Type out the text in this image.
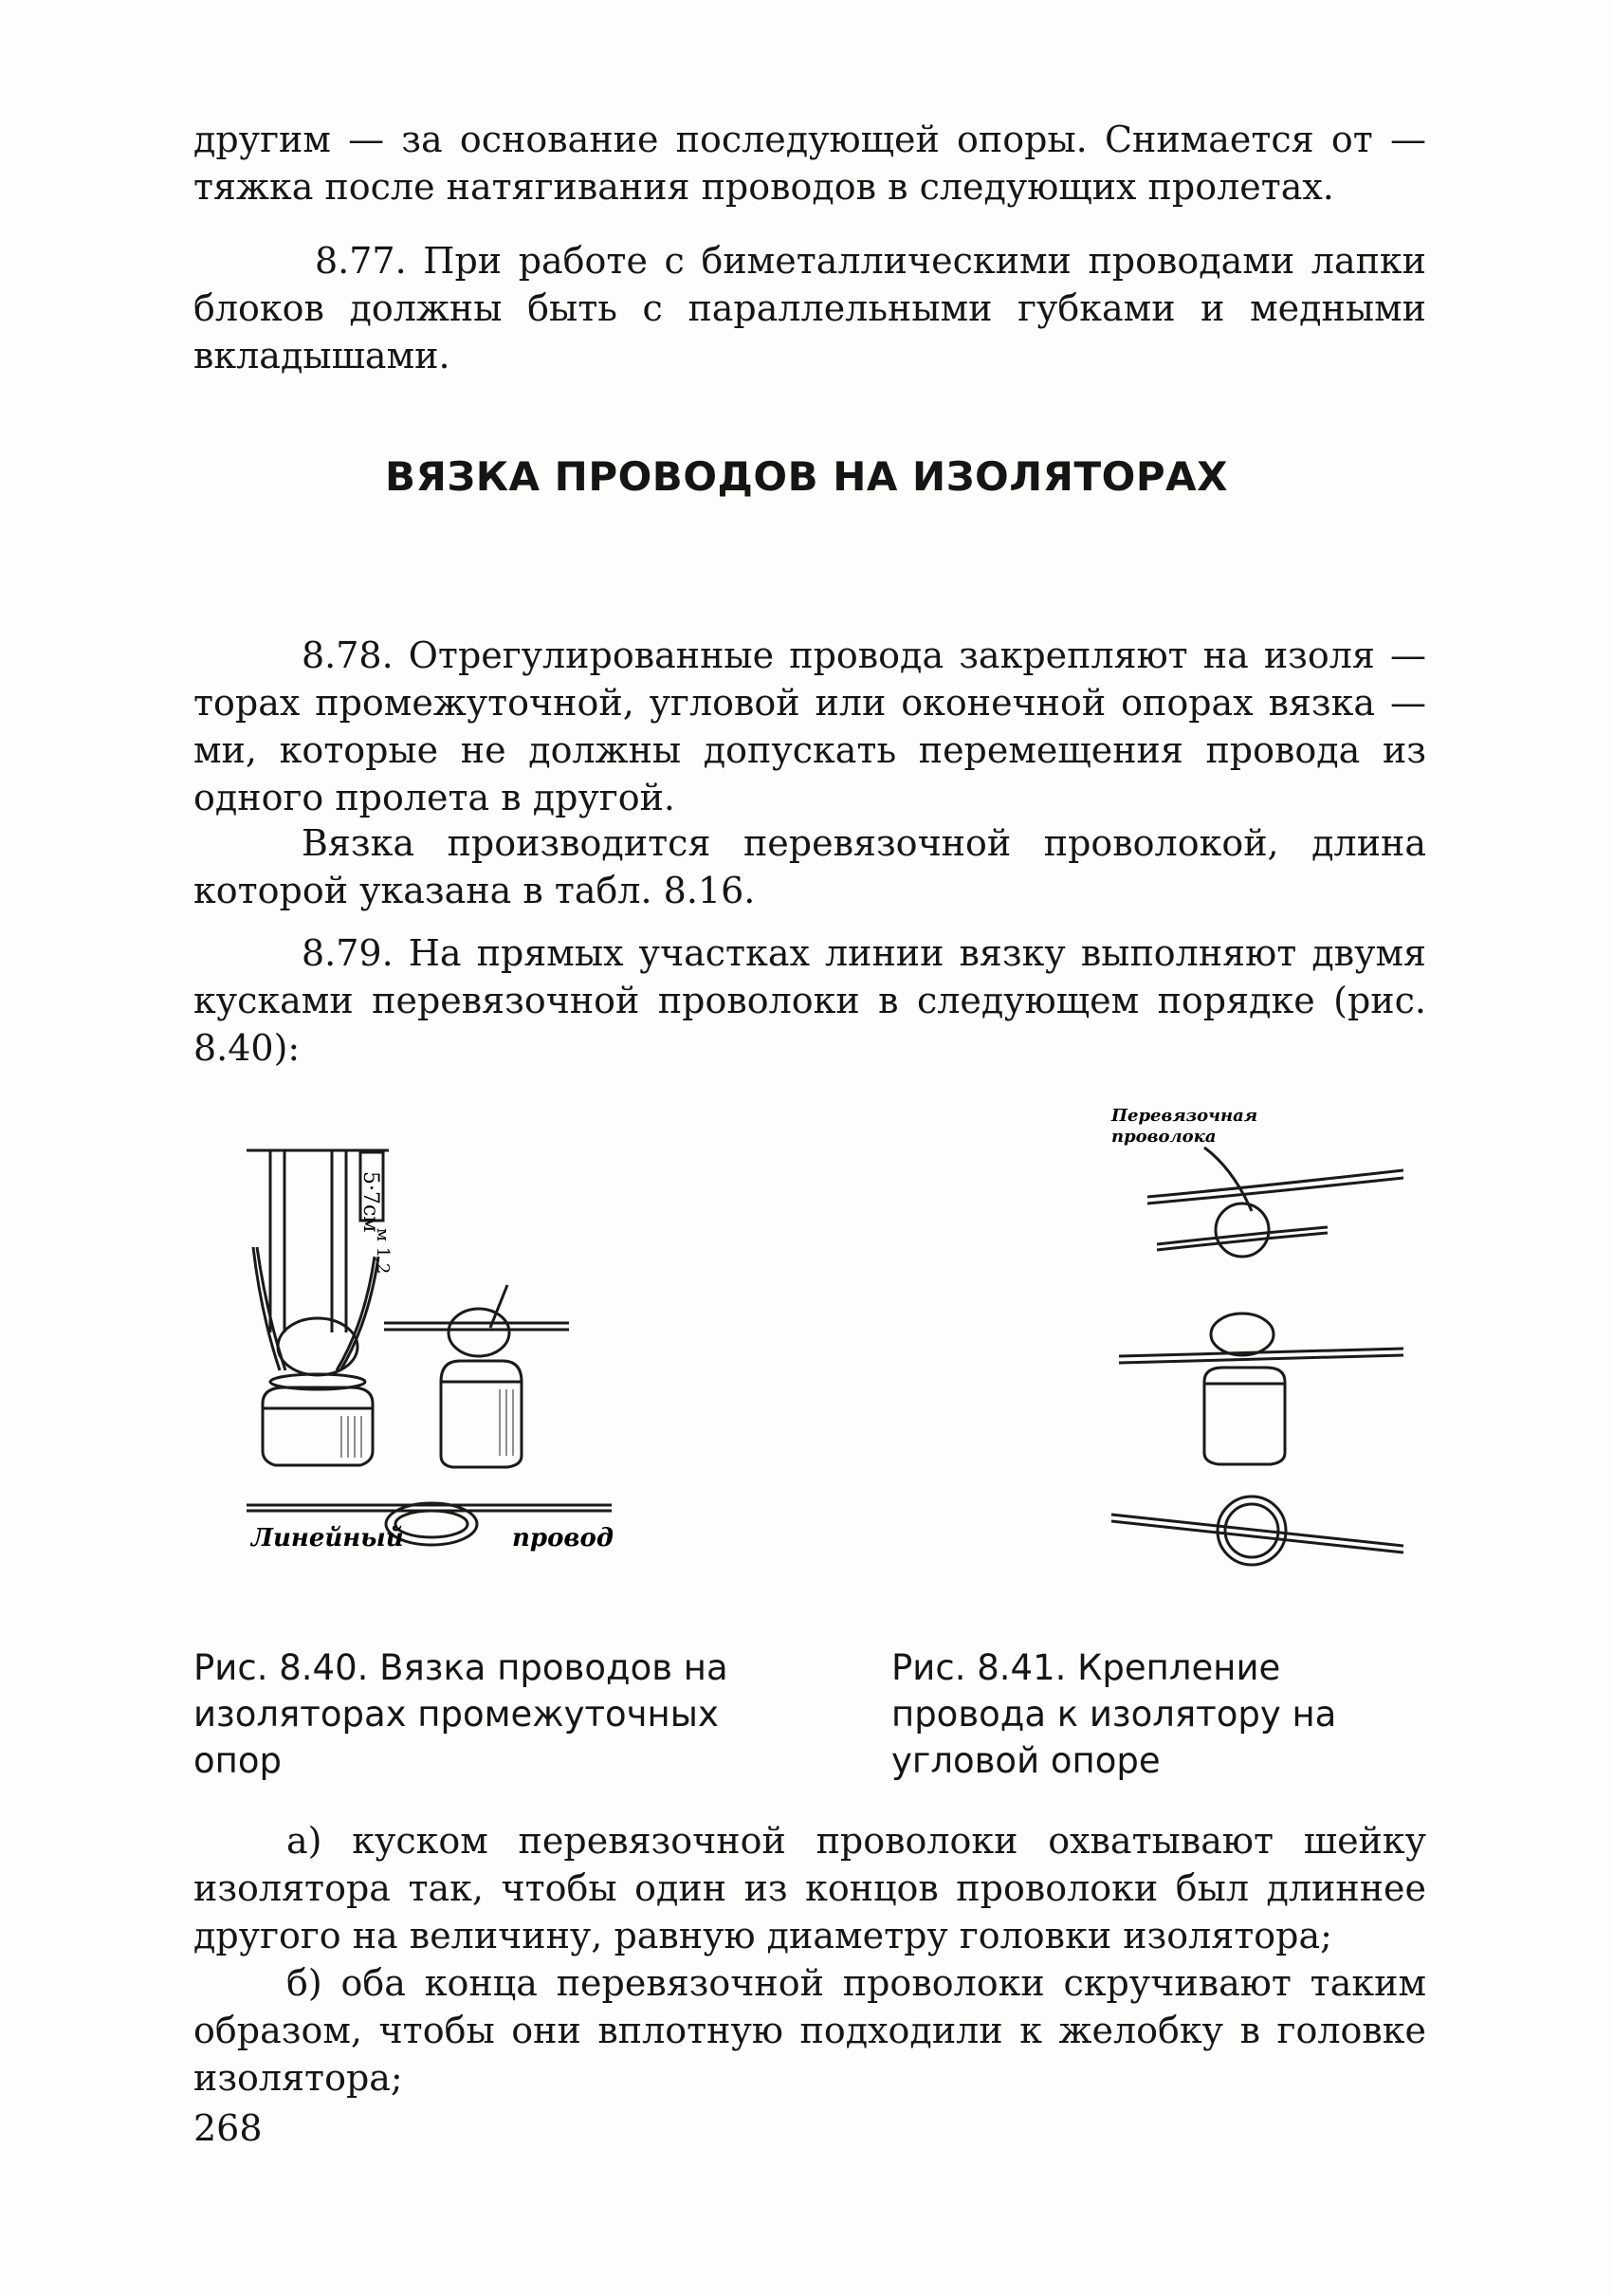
другим — за основание последующей опоры. Снимается от — тяжка после натягивания проводов в следующих пролетах.

8.77. При работе с биметаллическими проводами лапки блоков должны быть с параллельными губками и медными вкладышами.

ВЯЗКА ПРОВОДОВ НА ИЗОЛЯТОРАХ

8.78. Отрегулированные провода закрепляют на изоля — торах промежуточной, угловой или оконечной опорах вязка — ми, которые не должны допускать перемещения провода из одного пролета в другой.

Вязка производится перевязочной проволокой, длина которой указана в табл. 8.16.

8.79. На прямых участках линии вязку выполняют двумя кусками перевязочной проволоки в следующем порядке (рис. 8.40):

5·7см
м 1,2
Линейный	провод
Перевязочная
проволока

Рис. 8.40. Вязка проводов на изоляторах промежуточных опор

Рис. 8.41. Крепление провода к изолятору на угловой опоре

а) куском перевязочной проволоки охватывают шейку изолятора так, чтобы один из концов проволоки был длиннее другого на величину, равную диаметру головки изолятора;

б) оба конца перевязочной проволоки скручивают таким образом, чтобы они вплотную подходили к желобку в головке изолятора;

268
